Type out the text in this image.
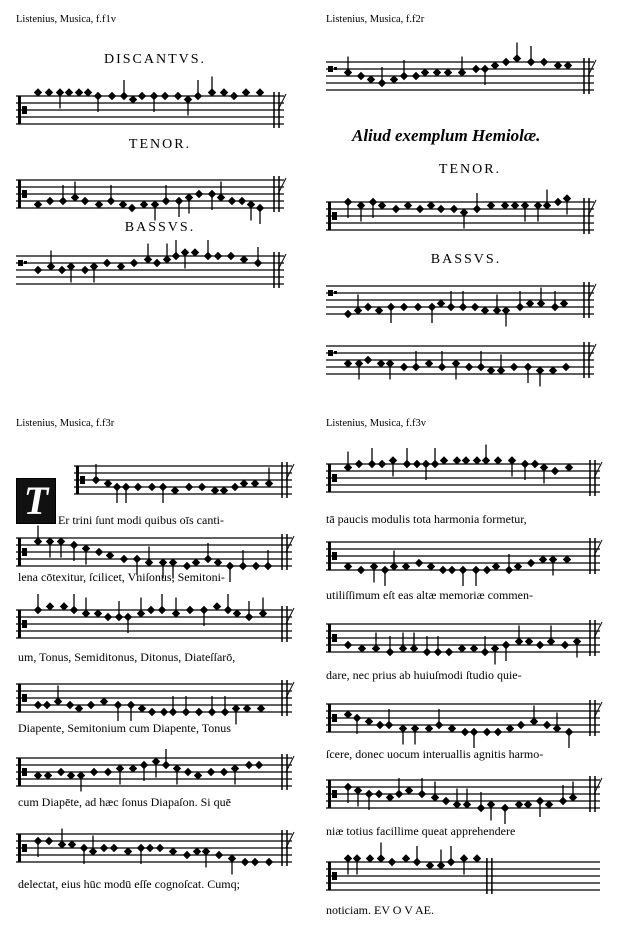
Listenius, Musica, f.f1v
DISCANTVS.
TENOR.
BASSVS.
Listenius, Musica, f.f2r
Aliud exemplum Hemiolæ.
TENOR.
BASSVS.
Listenius, Musica, f.f3r
T Er trini ſunt modi quibus oīs canti-
lena cōtexitur, ſcilicet, Vniſonus, Semitoni-
um, Tonus, Semiditonus, Ditonus, Diateſſarō,
Diapente, Semitonium cum Diapente, Tonus
cum Diapēte, ad hæc ſonus Diapaſon. Si quē
delectat, eius hūc modū eſſe cognoſcat. Cumq;
Listenius, Musica, f.f3v
tā paucis modulis tota harmonia formetur,
utiliſſimum eſt eas altæ memoriæ commen-
dare, nec prius ab huiuſmodi ſtudio quie-
ſcere, donec uocum interuallis agnitis harmo-
niæ totius facillime queat apprehendere
noticiam. EV O V AE.
